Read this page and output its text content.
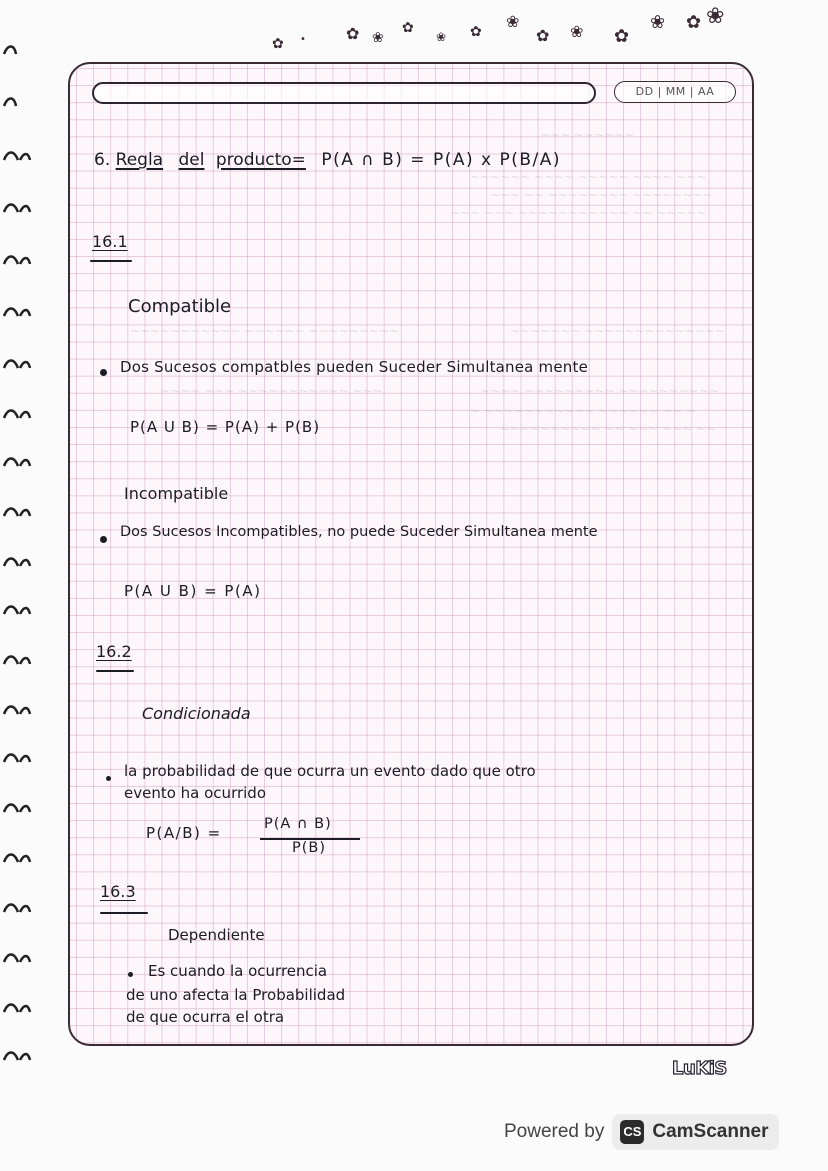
✿ •	✿ ❀
✿
❀ ✿
❀
✿ ❀ ✿
❀ ✿ ❀
DD | MM | AA
~~~ ~~~~~~
~~~~~~ ~~~~ ~~~~~ ~~~~ ~~~
~~~ ~~ ~~~~~~~~ ~~~~~~~~
~~~ ~~~ ~~~~~~~~~~~ ~~ ~~~~~
~~~~~~~~~~~ ~~~~~~ ~~~~~~~~~	~~~~~~~ ~~~~~~~~~~~~~~
~~~~ ~~~ ~~~~~~~~~~~ ~~~	~~~~ ~~~~~~~~~ ~~~~~~~~~~
~ ~~~~~~~~~~~ ~~~~~~ ~~ ~
~~~~~~~~~~ ~~ ~~~ ~~~ ~~
6. Regla del producto= P(A ∩ B) = P(A) x P(B/A)
16.1
Compatible
Dos Sucesos compatbles pueden Suceder Simultanea mente
P(A U B) = P(A) + P(B)
Incompatible
Dos Sucesos Incompatibles, no puede Suceder Simultanea mente
P(A U B) = P(A)
16.2
Condicionada
la probabilidad de que ocurra un evento dado que otro
evento ha ocurrido
P(A/B) =	P(A ∩ B)
P(B)
16.3
Dependiente
Es cuando la ocurrencia
de uno afecta la Probabilidad
de que ocurra el otra
LuKiS
Powered by CS CamScanner
